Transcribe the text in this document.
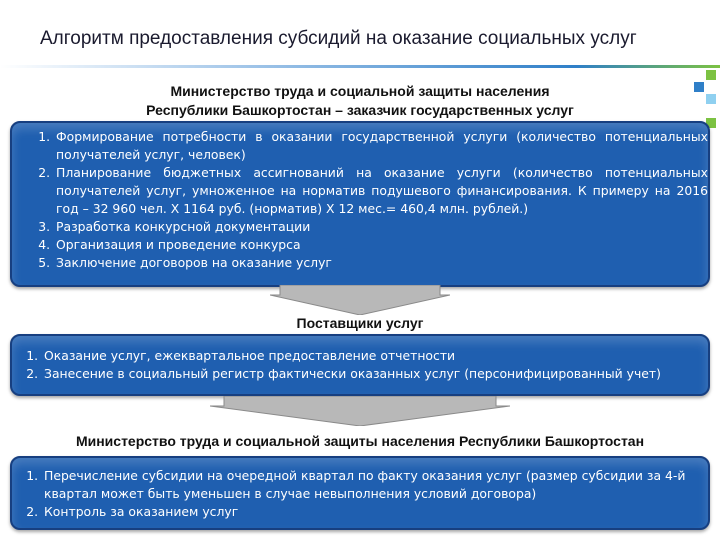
Алгоритм предоставления субсидий на оказание социальных услуг
Министерство труда и социальной защиты населения
Республики Башкортостан – заказчик государственных услуг
1. Формирование потребности в оказании государственной услуги (количество потенциальных получателей услуг, человек)
2. Планирование бюджетных ассигнований на оказание услуги (количество потенциальных получателей услуг, умноженное на норматив подушевого финансирования. К примеру на 2016 год – 32 960 чел. Х 1164 руб. (норматив) Х 12 мес.= 460,4 млн. рублей.)
3. Разработка конкурсной документации
4. Организация и проведение конкурса
5. Заключение договоров на оказание услуг
Поставщики услуг
1. Оказание услуг, ежеквартальное предоставление отчетности
2. Занесение в социальный регистр фактически оказанных услуг (персонифицированный учет)
Министерство труда и социальной защиты населения Республики Башкортостан
1. Перечисление субсидии на очередной квартал по факту оказания услуг (размер субсидии за 4-й квартал может быть уменьшен в случае невыполнения условий договора)
2. Контроль за оказанием услуг
